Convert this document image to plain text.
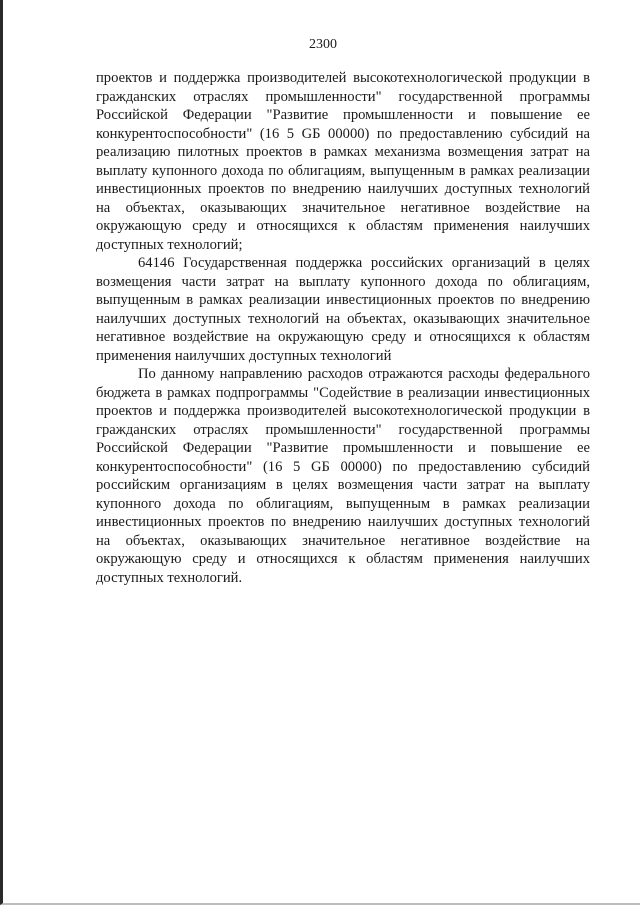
2300

проектов и поддержка производителей высокотехнологической продукции в гражданских отраслях промышленности" государственной программы Российской Федерации "Развитие промышленности и повышение ее конкурентоспособности" (16 5 GБ 00000) по предоставлению субсидий на реализацию пилотных проектов в рамках механизма возмещения затрат на выплату купонного дохода по облигациям, выпущенным в рамках реализации инвестиционных проектов по внедрению наилучших доступных технологий на объектах, оказывающих значительное негативное воздействие на окружающую среду и относящихся к областям применения наилучших доступных технологий;

64146 Государственная поддержка российских организаций в целях возмещения части затрат на выплату купонного дохода по облигациям, выпущенным в рамках реализации инвестиционных проектов по внедрению наилучших доступных технологий на объектах, оказывающих значительное негативное воздействие на окружающую среду и относящихся к областям применения наилучших доступных технологий

По данному направлению расходов отражаются расходы федерального бюджета в рамках подпрограммы "Содействие в реализации инвестиционных проектов и поддержка производителей высокотехнологической продукции в гражданских отраслях промышленности" государственной программы Российской Федерации "Развитие промышленности и повышение ее конкурентоспособности" (16 5 GБ 00000) по предоставлению субсидий российским организациям в целях возмещения части затрат на выплату купонного дохода по облигациям, выпущенным в рамках реализации инвестиционных проектов по внедрению наилучших доступных технологий на объектах, оказывающих значительное негативное воздействие на окружающую среду и относящихся к областям применения наилучших доступных технологий.
